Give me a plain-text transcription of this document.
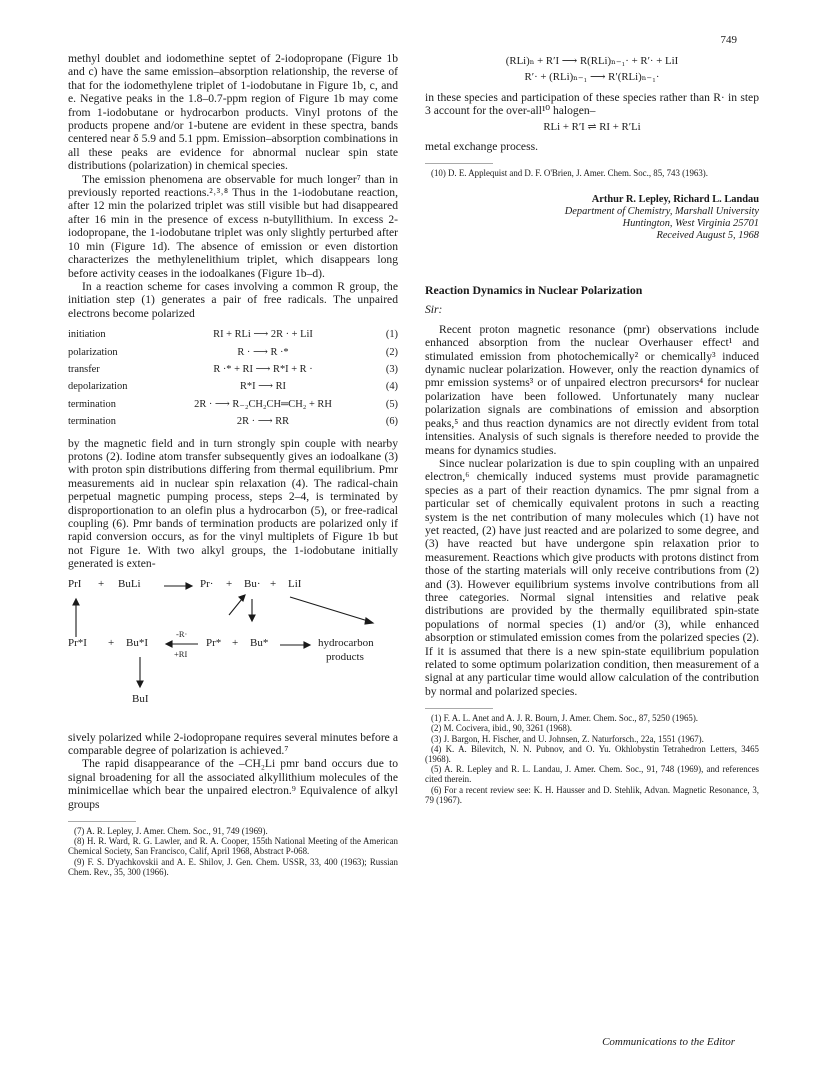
749

methyl doublet and iodomethine septet of 2-iodopropane (Figure 1b and c) have the same emission–absorption relationship, the reverse of that for the iodomethylene triplet of 1-iodobutane in Figure 1b, c, and e. Negative peaks in the 1.8–0.7-ppm region of Figure 1b may come from 1-iodobutane or hydrocarbon products. Vinyl protons of the products propene and/or 1-butene are evident in these spectra, bands centered near δ 5.9 and 5.1 ppm. Emission–absorption combinations in all these peaks are evidence for abnormal nuclear spin state distributions (polarization) in chemical species.

The emission phenomena are observable for much longer⁷ than in previously reported reactions.²˒³˒⁸ Thus in the 1-iodobutane reaction, after 12 min the polarized triplet was still visible but had disappeared after 16 min in the presence of excess n-butyllithium. In excess 2-iodopropane, the 1-iodobutane triplet was only slightly perturbed after 10 min (Figure 1d). The absence of emission or even distortion characterizes the methylenelithium triplet, which disappears long before activity ceases in the iodoalkanes (Figure 1b–d).

In a reaction scheme for cases involving a common R group, the initiation step (1) generates a pair of free radicals. The unpaired electrons become polarized

initiation	RI + RLi ⟶ 2R · + LiI	(1)
polarization	R · ⟶ R ·*	(2)
transfer	R ·* + RI ⟶ R*I + R ·	(3)
depolarization	R*I ⟶ RI	(4)
termination	2R · ⟶ R₋₂CH₂CH═CH₂ + RH	(5)
termination	2R · ⟶ RR	(6)

by the magnetic field and in turn strongly spin couple with nearby protons (2). Iodine atom transfer subsequently gives an iodoalkane (3) with proton spin distributions differing from thermal equilibrium. Pmr measurements aid in nuclear spin relaxation (4). The radical-chain perpetual magnetic pumping process, steps 2–4, is terminated by disproportionation to an olefin plus a hydrocarbon (5), or free-radical coupling (6). Pmr bands of termination products are polarized only if rapid conversion occurs, as for the vinyl multiplets of Figure 1b but not Figure 1e. With two alkyl groups, the 1-iodobutane initially generated is exten-

PrI + BuLi	Pr· + Bu· + LiI
Pr*I + Bu*I
-R·
+RI
Pr* + Bu*	hydrocarbon
products
BuI

sively polarized while 2-iodopropane requires several minutes before a comparable degree of polarization is achieved.⁷

The rapid disappearance of the –CH₂Li pmr band occurs due to signal broadening for all the associated alkyllithium molecules of the minimicellae which bear the unpaired electron.⁹ Equivalence of alkyl groups

(7) A. R. Lepley, J. Amer. Chem. Soc., 91, 749 (1969).

(8) H. R. Ward, R. G. Lawler, and R. A. Cooper, 155th National Meeting of the American Chemical Society, San Francisco, Calif, April 1968, Abstract P-068.

(9) F. S. D'yachkovskii and A. E. Shilov, J. Gen. Chem. USSR, 33, 400 (1963); Russian Chem. Rev., 35, 300 (1966).

(RLi)ₙ + R′I ⟶ R(RLi)ₙ₋₁· + R′· + LiI

R′· + (RLi)ₙ₋₁ ⟶ R′(RLi)ₙ₋₁·

in these species and participation of these species rather than R· in step 3 account for the over-all¹⁰ halogen–

RLi + R′I ⇌ RI + R′Li

metal exchange process.

(10) D. E. Applequist and D. F. O'Brien, J. Amer. Chem. Soc., 85, 743 (1963).

Arthur R. Lepley, Richard L. Landau
Department of Chemistry, Marshall University
Huntington, West Virginia 25701
Received August 5, 1968
Reaction Dynamics in Nuclear Polarization
Sir:

Recent proton magnetic resonance (pmr) observations include enhanced absorption from the nuclear Overhauser effect¹ and stimulated emission from photochemically² or chemically³ induced dynamic nuclear polarization. However, only the reaction dynamics of pmr emission systems³ or of unpaired electron precursors⁴ for nuclear polarization have been followed. Unfortunately many nuclear polarization signals are combinations of emission and absorption peaks,⁵ and thus reaction dynamics are not directly evident from total intensities. Analysis of such signals is therefore needed to provide the means for dynamics studies.

Since nuclear polarization is due to spin coupling with an unpaired electron,⁶ chemically induced systems must provide paramagnetic species as a part of their reaction dynamics. The pmr signal from a particular set of chemically equivalent protons in such a reacting system is the net contribution of many molecules which (1) have not yet reacted, (2) have just reacted and are polarized to some degree, and (3) have reacted but have undergone spin relaxation prior to measurement. Reactions which give products with protons distinct from those of the starting materials will only receive contributions from (2) and (3). However equilibrium systems involve contributions from all three categories. Normal signal intensities and relative peak distributions are provided by the thermally equilibrated spin-state populations of normal species (1) and/or (3), while enhanced absorption or stimulated emission comes from the polarized species (2). If it is assumed that there is a new spin-state equilibrium population related to some optimum polarization condition, then measurement of a signal at any particular time would allow calculation of the contribution by normal and polarized species.

(1) F. A. L. Anet and A. J. R. Bourn, J. Amer. Chem. Soc., 87, 5250 (1965).

(2) M. Cocivera, ibid., 90, 3261 (1968).

(3) J. Bargon, H. Fischer, and U. Johnsen, Z. Naturforsch., 22a, 1551 (1967).

(4) K. A. Bilevitch, N. N. Pubnov, and O. Yu. Okhlobystin Tetrahedron Letters, 3465 (1968).

(5) A. R. Lepley and R. L. Landau, J. Amer. Chem. Soc., 91, 748 (1969), and references cited therein.

(6) For a recent review see: K. H. Hausser and D. Stehlik, Advan. Magnetic Resonance, 3, 79 (1967).

Communications to the Editor
